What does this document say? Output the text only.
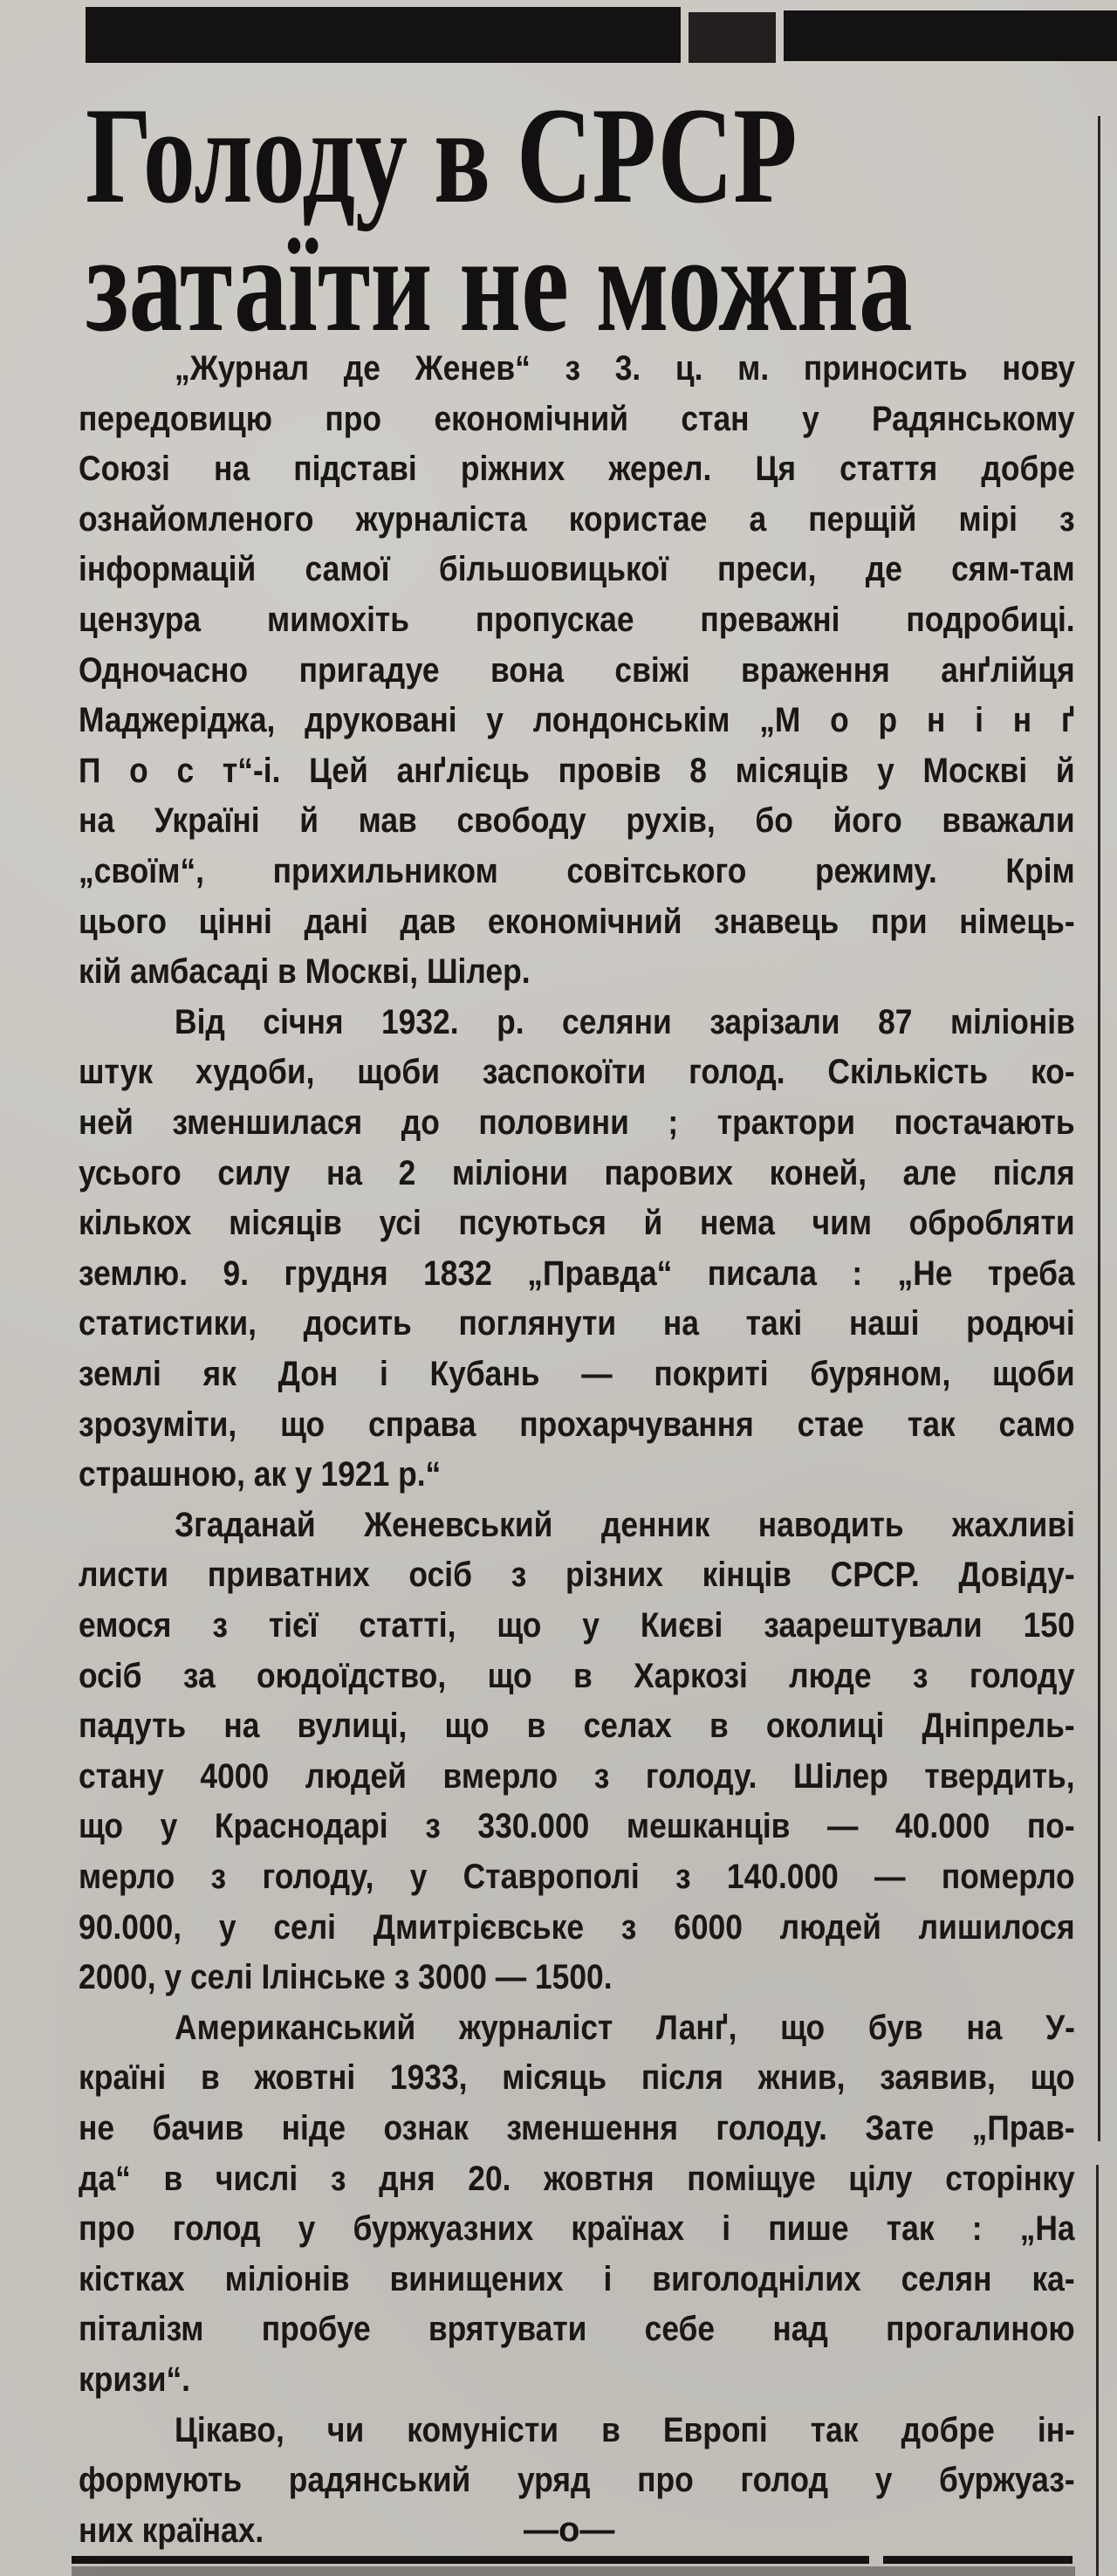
Голоду в СРСР
затаїти не можна
„Журнал де Женев“ з 3. ц. м. приносить нову
передовицю про економічний стан у Радянському
Союзі на підставі ріжних жерел. Ця стаття добре
ознайомленого журналіста користае а перщій мірі з
інформацій самої більшовицької преси, де сям-там
цензура мимохіть пропускае преважні подробиці.
Одночасно пригадуе вона свіжі враження анґлійця
Маджеріджа, друковані у лондонськім „М о р н і н ґ
П о с т“-і. Цей анґлієць провів 8 місяців у Москві й
на Україні й мав свободу рухів, бо його вважали
„своїм“, прихильником совітського режиму. Крім
цього цінні дані дав економічний знавець при німець-
кій амбасаді в Москві, Шілер.
Від січня 1932. р. селяни зарізали 87 міліонів
штук худоби, щоби заспокоїти голод. Скількість ко-
ней зменшилася до половини ; трактори постачають
усього силу на 2 міліони парових коней, але після
кількох місяців усі псуються й нема чим обробляти
землю. 9. грудня 1832 „Правда“ писала : „Не треба
статистики, досить поглянути на такі наші родючі
землі як Дон і Кубань — покриті буряном, щоби
зрозуміти, що справа прохарчування стае так само
страшною, ак у 1921 р.“
Згаданай Женевський денник наводить жахливі
листи приватних осіб з різних кінців СРСР. Довіду-
емося з тієї статті, що у Києві заарештували 150
осіб за оюдоїдство, що в Харкозі люде з голоду
падуть на вулиці, що в селах в околиці Дніпрель-
стану 4000 людей вмерло з голоду. Шілер твердить,
що у Краснодарі з 330.000 мешканців — 40.000 по-
мерло з голоду, у Ставрополі з 140.000 — померло
90.000, у селі Дмитрієвське з 6000 людей лишилося
2000, у селі Ілінське з 3000 — 1500.
Американський журналіст Ланґ, що був на У-
країні в жовтні 1933, місяць після жнив, заявив, що
не бачив ніде ознак зменшення голоду. Зате „Прав-
да“ в числі з дня 20. жовтня поміщуе цілу сторінку
про голод у буржуазних країнах і пише так : „На
кістках міліонів винищених і виголоднілих селян ка-
піталізм пробуе врятувати себе над прогалиною
кризи“.
Цікаво, чи комуністи в Европі так добре ін-
формують радянський уряд про голод у буржуаз-
них країнах.	—о—
